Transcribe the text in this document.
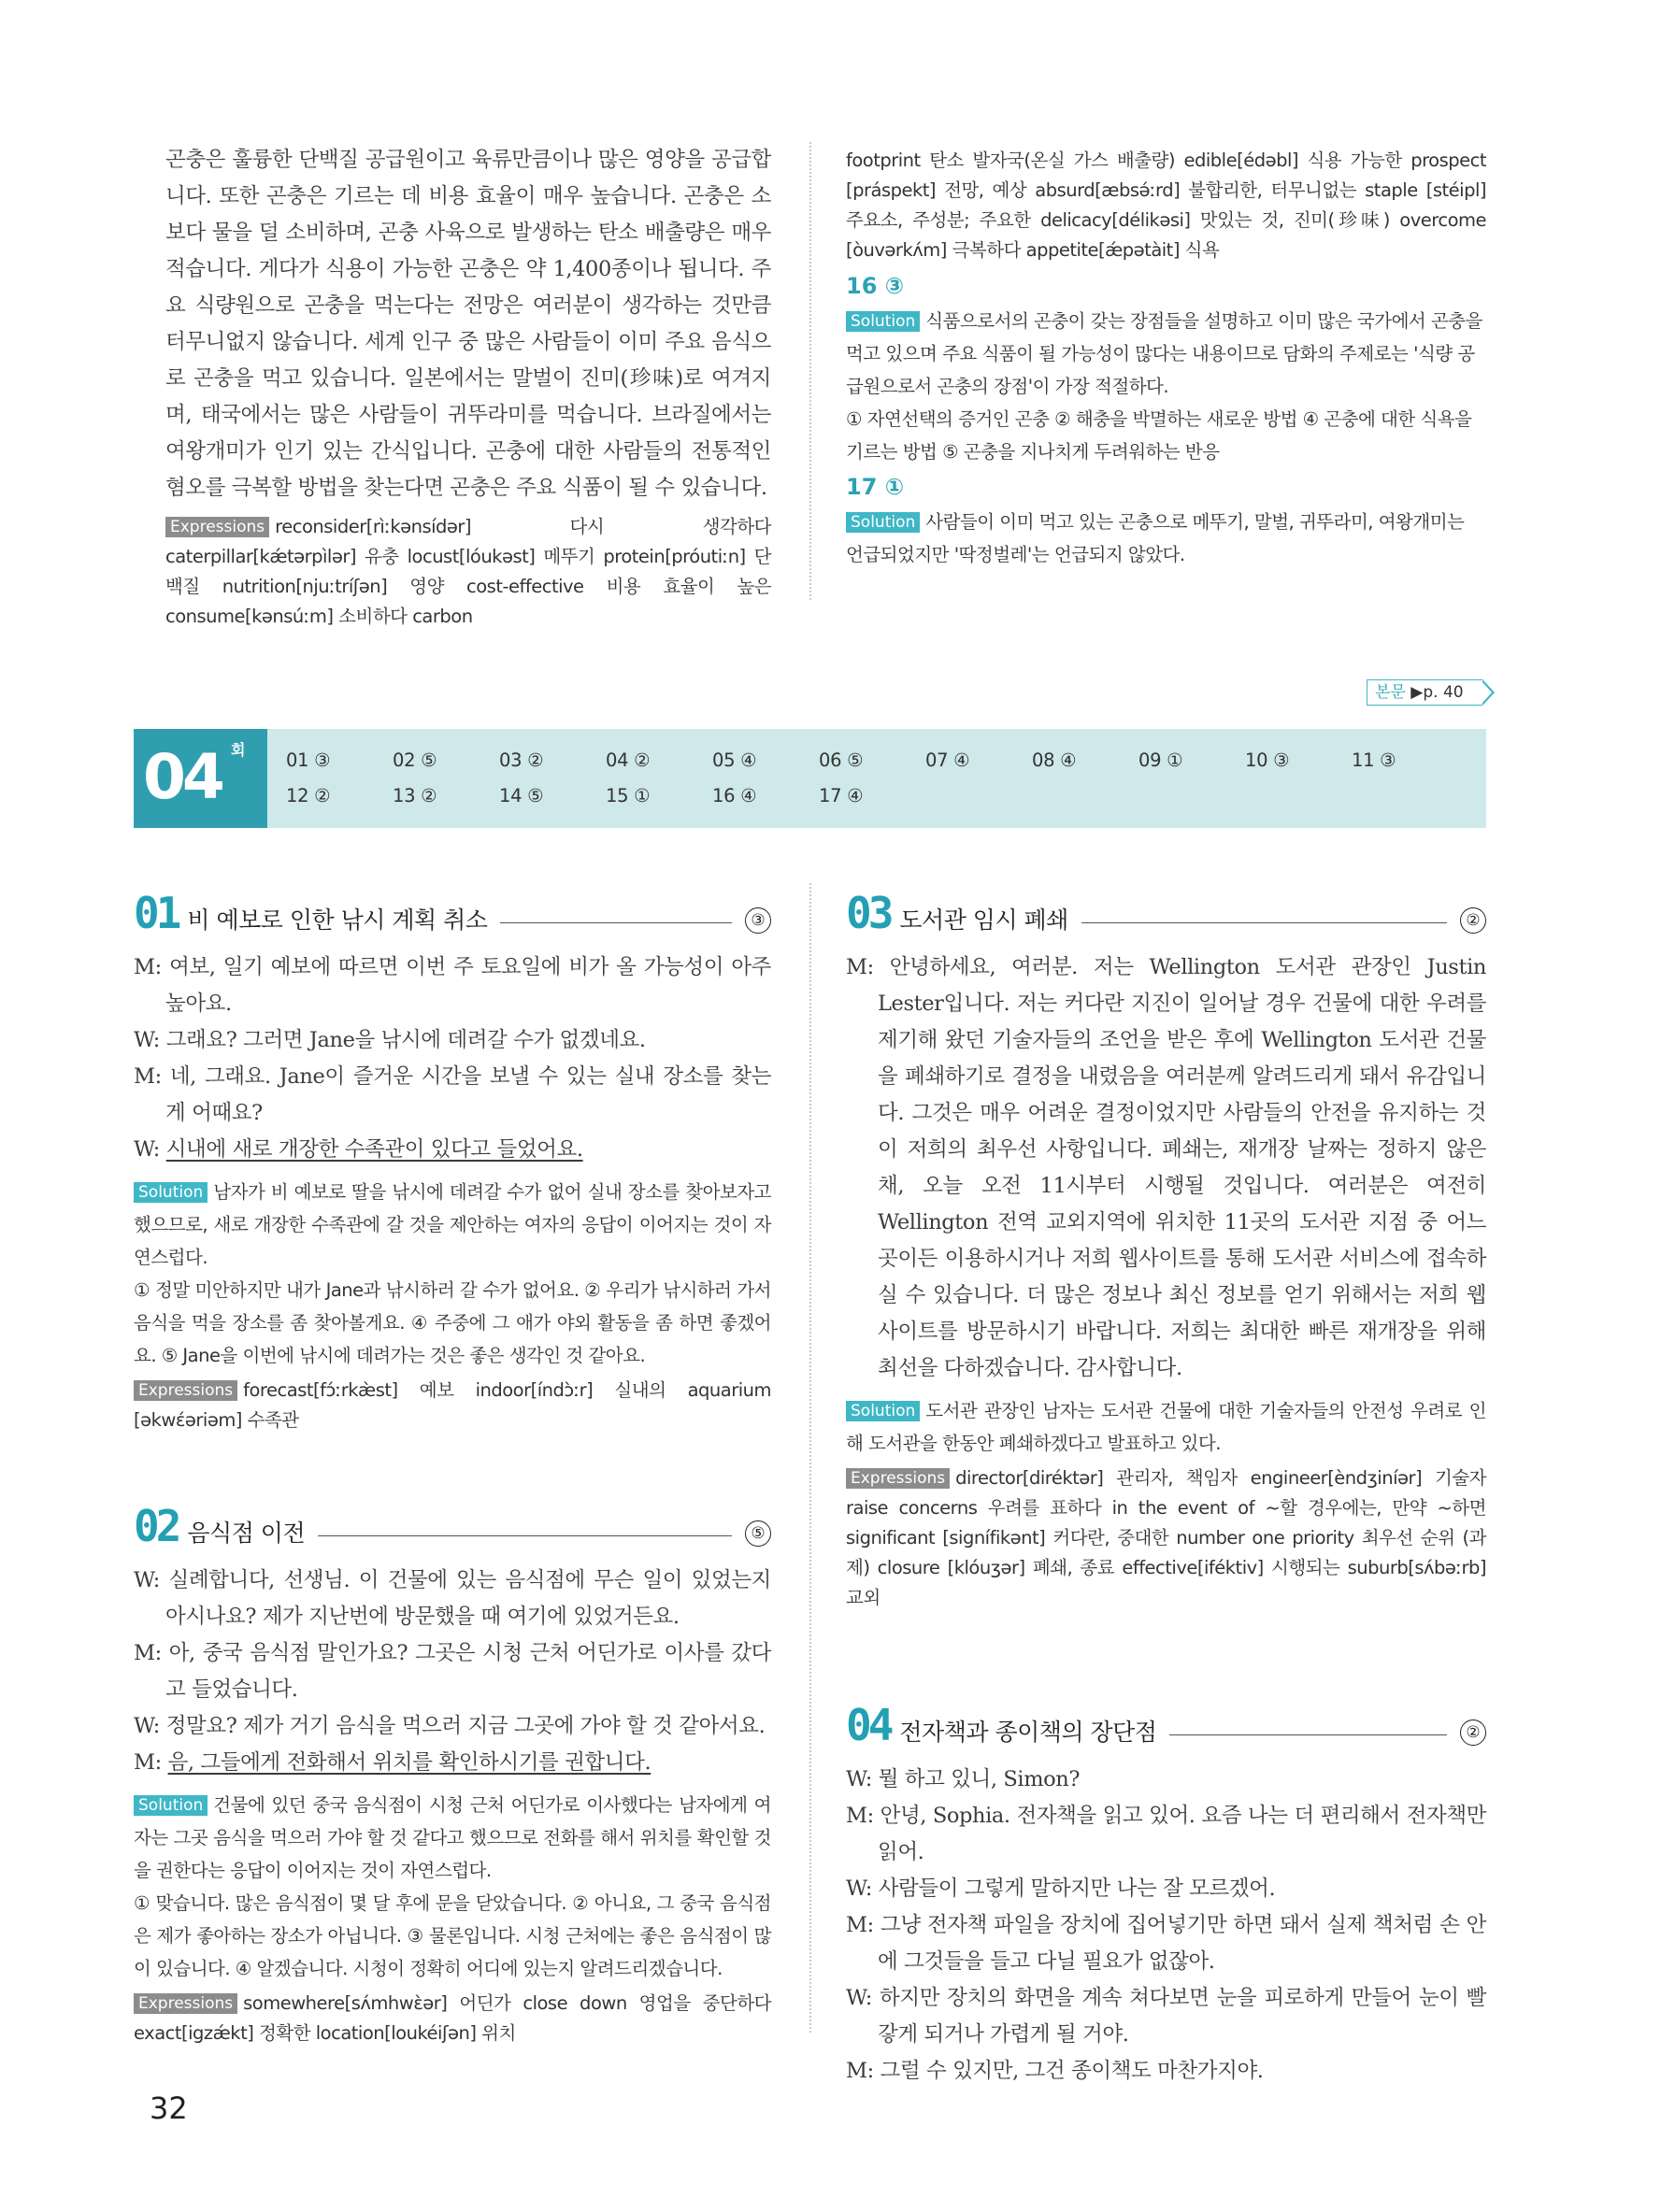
곤충은 훌륭한 단백질 공급원이고 육류만큼이나 많은 영양을 공급합니다. 또한 곤충은 기르는 데 비용 효율이 매우 높습니다. 곤충은 소보다 물을 덜 소비하며, 곤충 사육으로 발생하는 탄소 배출량은 매우 적습니다. 게다가 식용이 가능한 곤충은 약 1,400종이나 됩니다. 주요 식량원으로 곤충을 먹는다는 전망은 여러분이 생각하는 것만큼 터무니없지 않습니다. 세계 인구 중 많은 사람들이 이미 주요 음식으로 곤충을 먹고 있습니다. 일본에서는 말벌이 진미(珍味)로 여겨지며, 태국에서는 많은 사람들이 귀뚜라미를 먹습니다. 브라질에서는 여왕개미가 인기 있는 간식입니다. 곤충에 대한 사람들의 전통적인 혐오를 극복할 방법을 찾는다면 곤충은 주요 식품이 될 수 있습니다.
Expressions reconsider[rìːkənsídər] 다시 생각하다 caterpillar[kǽtərpìlər] 유충 locust[lóukəst] 메뚜기 protein[próutiːn] 단백질 nutrition[njuːtríʃən] 영양 cost-effective 비용 효율이 높은 consume[kənsúːm] 소비하다 carbon
footprint 탄소 발자국(온실 가스 배출량) edible[édəbl] 식용 가능한 prospect [práspekt] 전망, 예상 absurd[æbsə́ːrd] 불합리한, 터무니없는 staple [stéipl] 주요소, 주성분; 주요한 delicacy[délikəsi] 맛있는 것, 진미(珍味) overcome [òuvərkʌ́m] 극복하다 appetite[ǽpətàit] 식욕
16 ③
Solution 식품으로서의 곤충이 갖는 장점들을 설명하고 이미 많은 국가에서 곤충을 먹고 있으며 주요 식품이 될 가능성이 많다는 내용이므로 담화의 주제로는 '식량 공급원으로서 곤충의 장점'이 가장 적절하다.
① 자연선택의 증거인 곤충 ② 해충을 박멸하는 새로운 방법 ④ 곤충에 대한 식욕을 기르는 방법 ⑤ 곤충을 지나치게 두려워하는 반응
17 ①
Solution 사람들이 이미 먹고 있는 곤충으로 메뚜기, 말벌, 귀뚜라미, 여왕개미는 언급되었지만 '딱정벌레'는 언급되지 않았다.
본문 ▶p. 40
04 회 01 ③	02 ⑤	03 ②	04 ②	05 ④	06 ⑤	07 ④	08 ④	09 ①	10 ③	11 ③
12 ②	13 ②	14 ⑤	15 ①	16 ④	17 ④
01 비 예보로 인한 낚시 계획 취소	③
M: 여보, 일기 예보에 따르면 이번 주 토요일에 비가 올 가능성이 아주 높아요.
W: 그래요? 그러면 Jane을 낚시에 데려갈 수가 없겠네요.
M: 네, 그래요. Jane이 즐거운 시간을 보낼 수 있는 실내 장소를 찾는 게 어때요?
W: 시내에 새로 개장한 수족관이 있다고 들었어요.
Solution 남자가 비 예보로 딸을 낚시에 데려갈 수가 없어 실내 장소를 찾아보자고 했으므로, 새로 개장한 수족관에 갈 것을 제안하는 여자의 응답이 이어지는 것이 자연스럽다.
① 정말 미안하지만 내가 Jane과 낚시하러 갈 수가 없어요. ② 우리가 낚시하러 가서 음식을 먹을 장소를 좀 찾아볼게요. ④ 주중에 그 애가 야외 활동을 좀 하면 좋겠어요. ⑤ Jane을 이번에 낚시에 데려가는 것은 좋은 생각인 것 같아요.
Expressions forecast[fɔ́ːrkæ̀st] 예보 indoor[índɔ̀ːr] 실내의 aquarium [əkwɛ́əriəm] 수족관
02 음식점 이전	⑤
W: 실례합니다, 선생님. 이 건물에 있는 음식점에 무슨 일이 있었는지 아시나요? 제가 지난번에 방문했을 때 여기에 있었거든요.
M: 아, 중국 음식점 말인가요? 그곳은 시청 근처 어딘가로 이사를 갔다고 들었습니다.
W: 정말요? 제가 거기 음식을 먹으러 지금 그곳에 가야 할 것 같아서요.
M: 음, 그들에게 전화해서 위치를 확인하시기를 권합니다.
Solution 건물에 있던 중국 음식점이 시청 근처 어딘가로 이사했다는 남자에게 여자는 그곳 음식을 먹으러 가야 할 것 같다고 했으므로 전화를 해서 위치를 확인할 것을 권한다는 응답이 이어지는 것이 자연스럽다.
① 맞습니다. 많은 음식점이 몇 달 후에 문을 닫았습니다. ② 아니요, 그 중국 음식점은 제가 좋아하는 장소가 아닙니다. ③ 물론입니다. 시청 근처에는 좋은 음식점이 많이 있습니다. ④ 알겠습니다. 시청이 정확히 어디에 있는지 알려드리겠습니다.
Expressions somewhere[sʌ́mhwɛ̀ər] 어딘가 close down 영업을 중단하다 exact[igzǽkt] 정확한 location[loukéiʃən] 위치
03 도서관 임시 폐쇄	②
M: 안녕하세요, 여러분. 저는 Wellington 도서관 관장인 Justin Lester입니다. 저는 커다란 지진이 일어날 경우 건물에 대한 우려를 제기해 왔던 기술자들의 조언을 받은 후에 Wellington 도서관 건물을 폐쇄하기로 결정을 내렸음을 여러분께 알려드리게 돼서 유감입니다. 그것은 매우 어려운 결정이었지만 사람들의 안전을 유지하는 것이 저희의 최우선 사항입니다. 폐쇄는, 재개장 날짜는 정하지 않은 채, 오늘 오전 11시부터 시행될 것입니다. 여러분은 여전히 Wellington 전역 교외지역에 위치한 11곳의 도서관 지점 중 어느 곳이든 이용하시거나 저희 웹사이트를 통해 도서관 서비스에 접속하실 수 있습니다. 더 많은 정보나 최신 정보를 얻기 위해서는 저희 웹사이트를 방문하시기 바랍니다. 저희는 최대한 빠른 재개장을 위해 최선을 다하겠습니다. 감사합니다.
Solution 도서관 관장인 남자는 도서관 건물에 대한 기술자들의 안전성 우려로 인해 도서관을 한동안 폐쇄하겠다고 발표하고 있다.
Expressions director[diréktər] 관리자, 책임자 engineer[èndʒiníər] 기술자 raise concerns 우려를 표하다 in the event of ~할 경우에는, 만약 ~하면 significant [signífikənt] 커다란, 중대한 number one priority 최우선 순위 (과제) closure [klóuʒər] 폐쇄, 종료 effective[iféktiv] 시행되는 suburb[sʌ́bəːrb] 교외
04 전자책과 종이책의 장단점	②
W: 뭘 하고 있니, Simon?
M: 안녕, Sophia. 전자책을 읽고 있어. 요즘 나는 더 편리해서 전자책만 읽어.
W: 사람들이 그렇게 말하지만 나는 잘 모르겠어.
M: 그냥 전자책 파일을 장치에 집어넣기만 하면 돼서 실제 책처럼 손 안에 그것들을 들고 다닐 필요가 없잖아.
W: 하지만 장치의 화면을 계속 쳐다보면 눈을 피로하게 만들어 눈이 빨갛게 되거나 가렵게 될 거야.
M: 그럴 수 있지만, 그건 종이책도 마찬가지야.
32
